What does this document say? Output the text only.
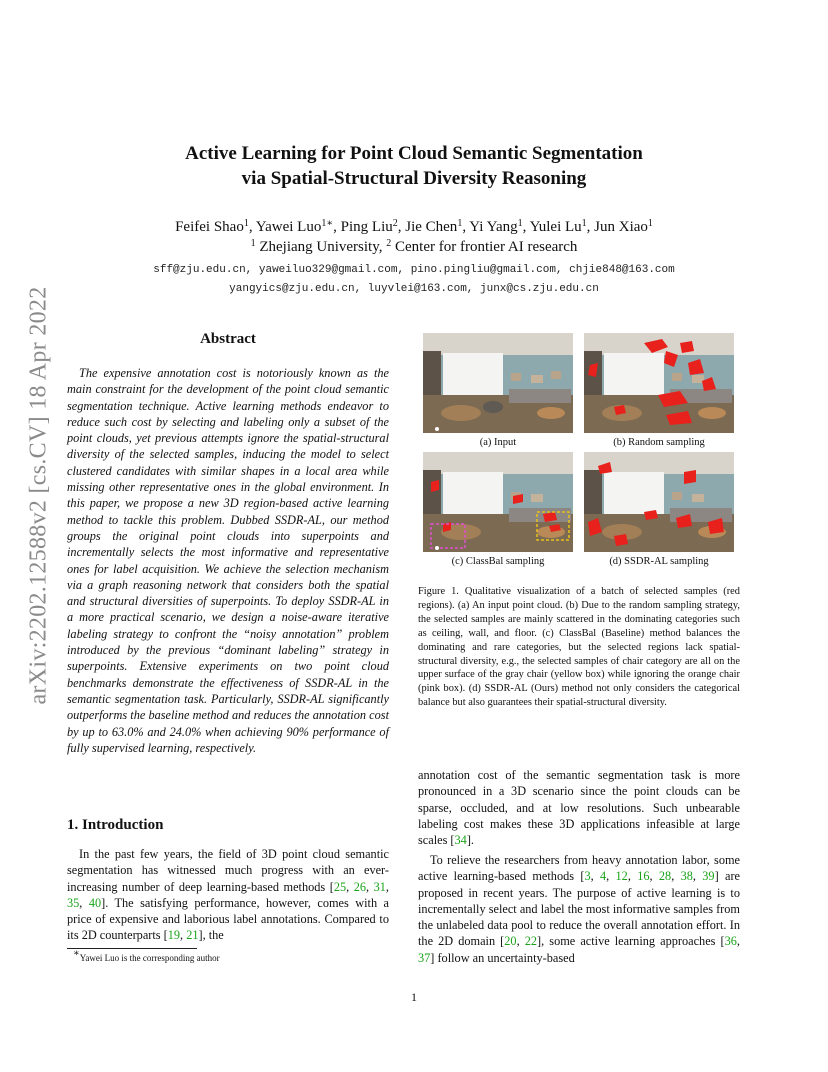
arXiv:2202.12588v2 [cs.CV] 18 Apr 2022
Active Learning for Point Cloud Semantic Segmentation
via Spatial-Structural Diversity Reasoning
Feifei Shao$^1$, Yawei Luo$^{1∗}$, Ping Liu$^2$, Jie Chen$^1$, Yi Yang$^1$, Yulei Lu$^1$, Jun Xiao$^1$
$^1$ Zhejiang University, $^2$ Center for frontier AI research
sff@zju.edu.cn, yaweiluo329@gmail.com, pino.pingliu@gmail.com, chjie848@163.com
yangyics@zju.edu.cn, luyvlei@163.com, junx@cs.zju.edu.cn
Abstract
The expensive annotation cost is notoriously known as the main constraint for the development of the point cloud semantic segmentation technique. Active learning methods endeavor to reduce such cost by selecting and labeling only a subset of the point clouds, yet previous attempts ignore the spatial-structural diversity of the selected samples, inducing the model to select clustered candidates with similar shapes in a local area while missing other representative ones in the global environment. In this paper, we propose a new 3D region-based active learning method to tackle this problem. Dubbed SSDR-AL, our method groups the original point clouds into superpoints and incrementally selects the most informative and representative ones for label acquisition. We achieve the selection mechanism via a graph reasoning network that considers both the spatial and structural diversities of superpoints. To deploy SSDR-AL in a more practical scenario, we design a noise-aware iterative labeling strategy to confront the “noisy annotation” problem introduced by the previous “dominant labeling” strategy in superpoints. Extensive experiments on two point cloud benchmarks demonstrate the effectiveness of SSDR-AL in the semantic segmentation task. Particularly, SSDR-AL significantly outperforms the baseline method and reduces the annotation cost by up to 63.0% and 24.0% when achieving 90% performance of fully supervised learning, respectively.
1. Introduction
In the past few years, the field of 3D point cloud semantic segmentation has witnessed much progress with an ever-increasing number of deep learning-based methods [25, 26, 31, 35, 40]. The satisfying performance, however, comes with a price of expensive and laborious label annotations. Compared to its 2D counterparts [19, 21], the
∗Yawei Luo is the corresponding author
(a) Input	(b) Random sampling
(c) ClassBal sampling	(d) SSDR-AL sampling
Figure 1. Qualitative visualization of a batch of selected samples (red regions). (a) An input point cloud. (b) Due to the random sampling strategy, the selected samples are mainly scattered in the dominating categories such as ceiling, wall, and floor. (c) ClassBal (Baseline) method balances the dominating and rare categories, but the selected regions lack spatial-structural diversity, e.g., the selected samples of chair category are all on the upper surface of the gray chair (yellow box) while ignoring the orange chair (pink box). (d) SSDR-AL (Ours) method not only considers the categorical balance but also guarantees their spatial-structural diversity.
annotation cost of the semantic segmentation task is more pronounced in a 3D scenario since the point clouds can be sparse, occluded, and at low resolutions. Such unbearable labeling cost makes these 3D applications infeasible at large scales [34].
To relieve the researchers from heavy annotation labor, some active learning-based methods [3, 4, 12, 16, 28, 38, 39] are proposed in recent years. The purpose of active learning is to incrementally select and label the most informative samples from the unlabeled data pool to reduce the overall annotation effort. In the 2D domain [20, 22], some active learning approaches [36, 37] follow an uncertainty-based
1
